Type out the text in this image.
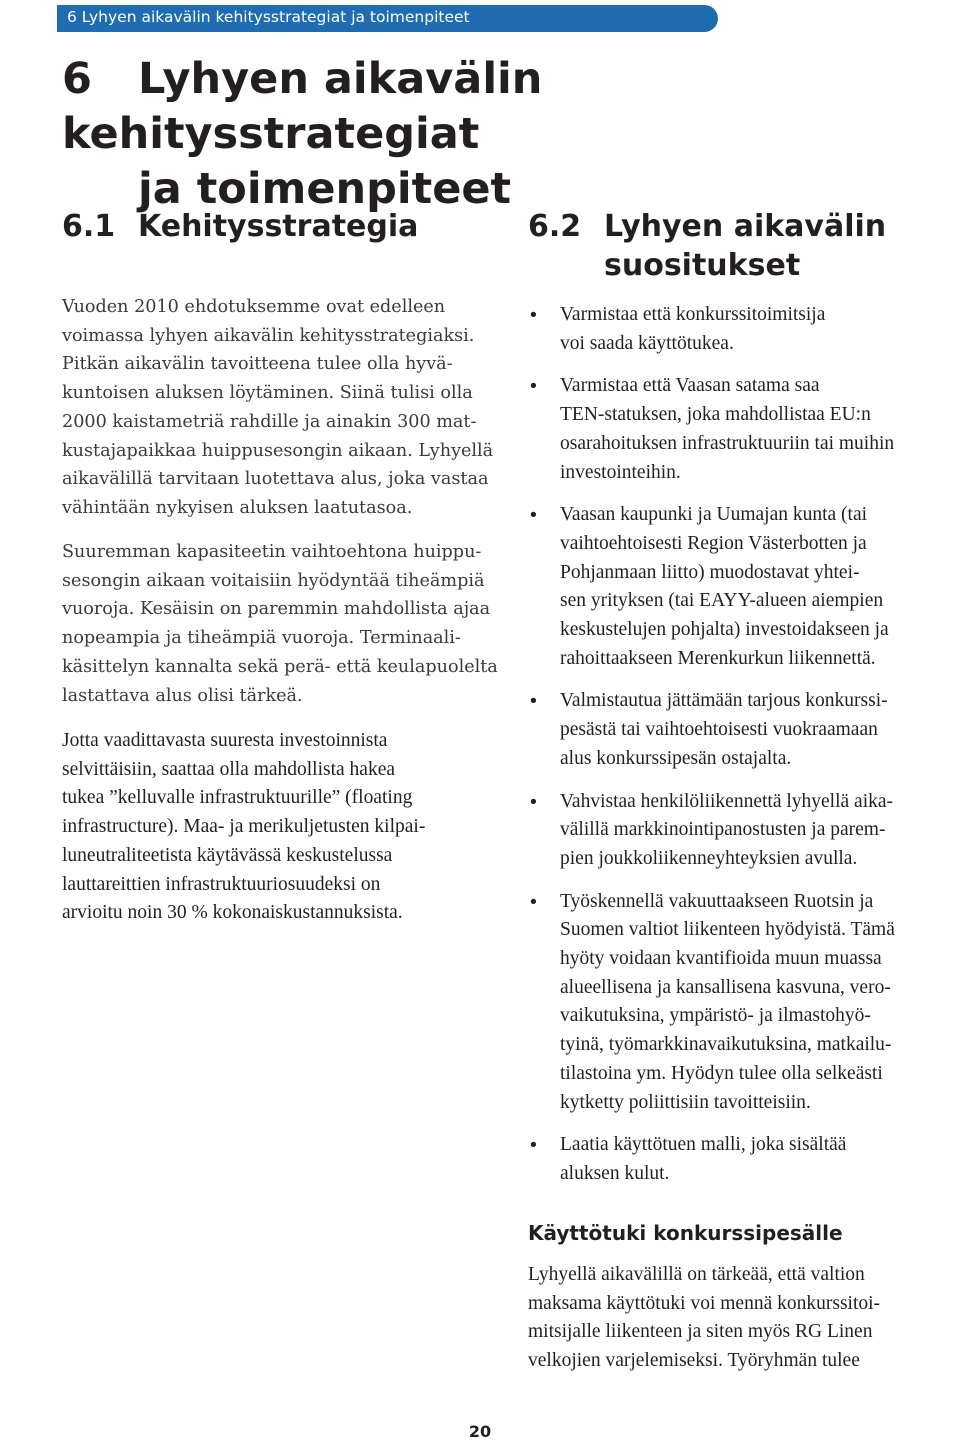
6 Lyhyen aikavälin kehitysstrategiat ja toimenpiteet
6 Lyhyen aikavälin kehitysstrategiat
ja toimenpiteet
6.1 Kehitysstrategia

Vuoden 2010 ehdotuksemme ovat edelleen
voimassa lyhyen aikavälin kehitysstrategiaksi.
Pitkän aikavälin tavoitteena tulee olla hyvä-
kuntoisen aluksen löytäminen. Siinä tulisi olla
2000 kaistametriä rahdille ja ainakin 300 mat-
kustajapaikkaa huippusesongin aikaan. Lyhyellä
aikavälillä tarvitaan luotettava alus, joka vastaa
vähintään nykyisen aluksen laatutasoa.

Suuremman kapasiteetin vaihtoehtona huippu-
sesongin aikaan voitaisiin hyödyntää tiheämpiä
vuoroja. Kesäisin on paremmin mahdollista ajaa
nopeampia ja tiheämpiä vuoroja. Terminaali-
käsittelyn kannalta sekä perä- että keulapuolelta
lastattava alus olisi tärkeä.

Jotta vaadittavasta suuresta investoinnista
selvittäisiin, saattaa olla mahdollista hakea
tukea ”kelluvalle infrastruktuurille” (floating
infrastructure). Maa- ja merikuljetusten kilpai-
luneutraliteetista käytävässä keskustelussa
lauttareittien infrastruktuuriosuudeksi on
arvioitu noin 30 % kokonaiskustannuksista.

6.2 Lyhyen aikavälin
suositukset
• Varmistaa että konkurssitoimitsija
voi saada käyttötukea.
• Varmistaa että Vaasan satama saa
TEN-statuksen, joka mahdollistaa EU:n
osarahoituksen infrastruktuuriin tai muihin
investointeihin.
• Vaasan kaupunki ja Uumajan kunta (tai
vaihtoehtoisesti Region Västerbotten ja
Pohjanmaan liitto) muodostavat yhtei-
sen yrityksen (tai EAYY-alueen aiempien
keskustelujen pohjalta) investoidakseen ja
rahoittaakseen Merenkurkun liikennettä.
• Valmistautua jättämään tarjous konkurssi-
pesästä tai vaihtoehtoisesti vuokraamaan
alus konkurssipesän ostajalta.
• Vahvistaa henkilöliikennettä lyhyellä aika-
välillä markkinointipanostusten ja parem-
pien joukkoliikenneyhteyksien avulla.
• Työskennellä vakuuttaakseen Ruotsin ja
Suomen valtiot liikenteen hyödyistä. Tämä
hyöty voidaan kvantifioida muun muassa
alueellisena ja kansallisena kasvuna, vero-
vaikutuksina, ympäristö- ja ilmastohyö-
tyinä, työmarkkinavaikutuksina, matkailu-
tilastoina ym. Hyödyn tulee olla selkeästi
kytketty poliittisiin tavoitteisiin.
• Laatia käyttötuen malli, joka sisältää
aluksen kulut.
Käyttötuki konkurssipesälle

Lyhyellä aikavälillä on tärkeää, että valtion
maksama käyttötuki voi mennä konkurssitoi-
mitsijalle liikenteen ja siten myös RG Linen
velkojien varjelemiseksi. Työryhmän tulee

20
